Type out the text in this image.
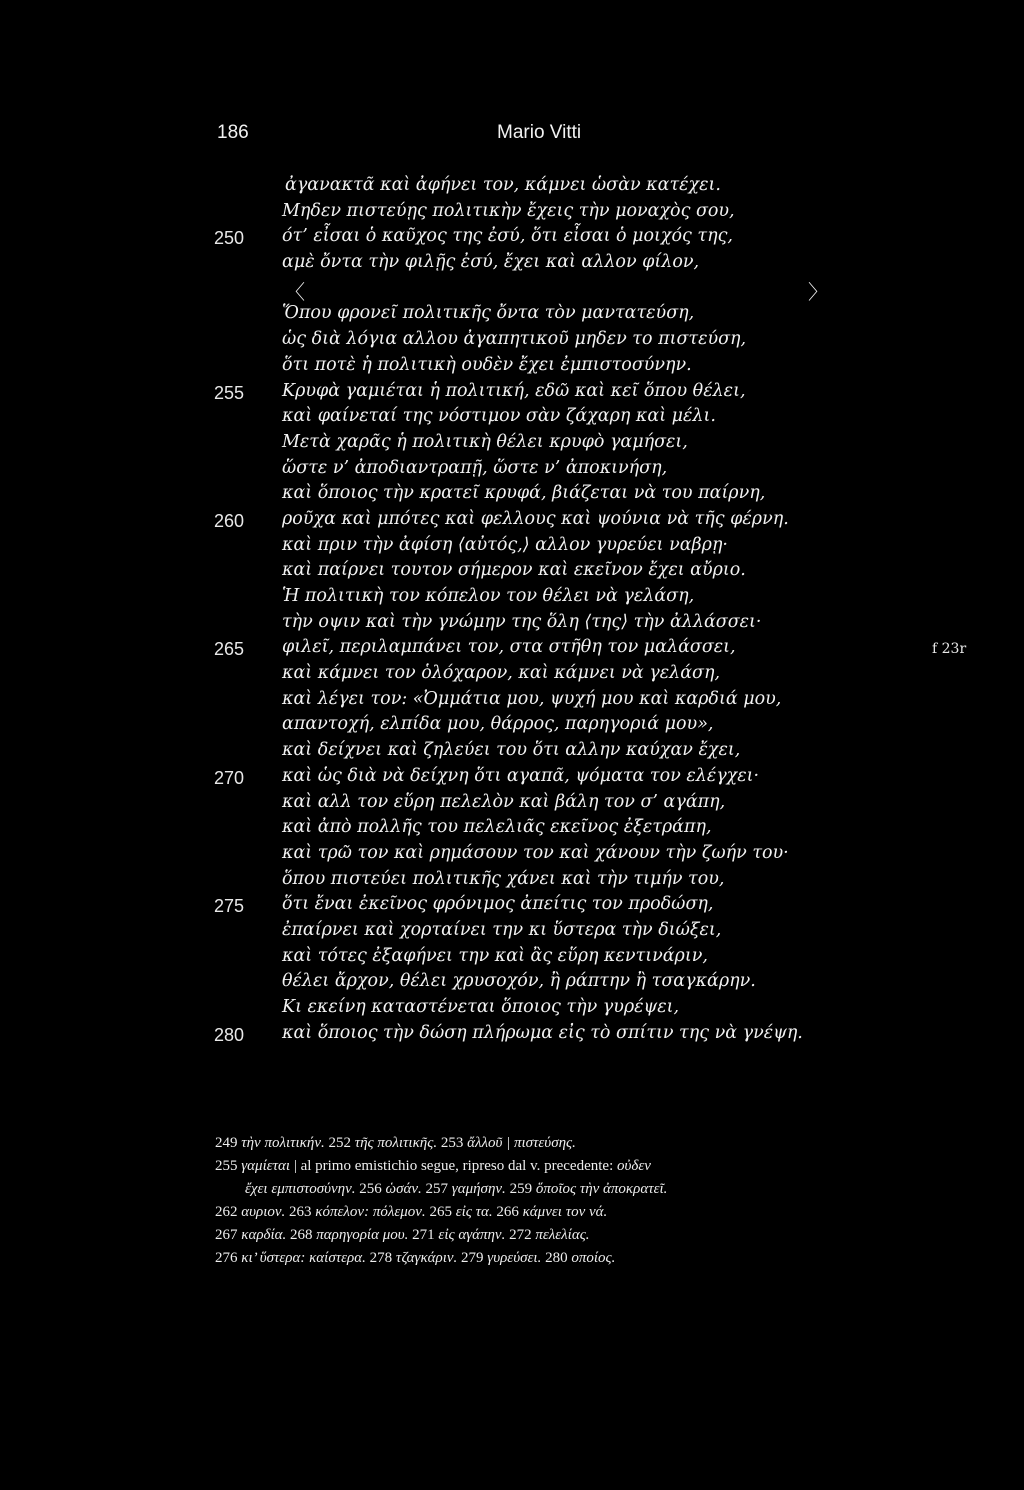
186	Mario Vitti
ἀγανακτᾶ καὶ ἀφήνει τον, κάμνει ὡσὰν κατέχει.
Μηδεν πιστεύῃς πολιτικὴν ἔχεις τὴν μοναχὸς σου,
250 ότ’ εἶσαι ὁ καῦχος της ἐσύ, ὅτι εἶσαι ὁ μοιχός της,
αμὲ ὄντα τὴν φιλῇς ἐσύ, ἔχει καὶ αλλον φίλον,
〈	〉
Ὅπου φρονεῖ πολιτικῆς ὄντα τὸν μαντατεύση,
ὡς διὰ λόγια αλλου ἀγαπητικοῦ μηδεν το πιστεύση,
ὅτι ποτὲ ἡ πολιτικὴ ουδὲν ἔχει ἐμπιστοσύνην.
255 Κρυφὰ γαμιέται ἡ πολιτική, εδῶ καὶ κεῖ ὅπου θέλει,
καὶ φαίνεταί της νόστιμον σὰν ζάχαρη καὶ μέλι.
Μετὰ χαρᾶς ἡ πολιτικὴ θέλει κρυφὸ γαμήσει,
ὥστε ν’ ἀποδιαντραπῇ, ὥστε ν’ ἀποκινήση,
καὶ ὅποιος τὴν κρατεῖ κρυφά, βιάζεται νὰ του παίρνη,
260 ροῦχα καὶ μπότες καὶ φελλους καὶ ψούνια νὰ τῆς φέρνη.
καὶ πριν τὴν ἀφίση ⟨αὐτός,⟩ αλλον γυρεύει ναβρῃ·
καὶ παίρνει τουτον σήμερον καὶ εκεῖνον ἔχει αὔριο.
Ἡ πολιτικὴ τον κόπελον τον θέλει νὰ γελάση,
τὴν οψιν καὶ τὴν γνώμην της ὅλη ⟨της⟩ τὴν ἀλλάσσει·
265 φιλεῖ, περιλαμπάνει τον, στα στῆθη τον μαλάσσει,	f 23r
καὶ κάμνει τον ὁλόχαρον, καὶ κάμνει νὰ γελάση,
καὶ λέγει τον: «Ὀμμάτια μου, ψυχή μου καὶ καρδιά μου,
απαντοχή, ελπίδα μου, θάρρος, παρηγοριά μου»,
καὶ δείχνει καὶ ζηλεύει του ὅτι αλλην καύχαν ἔχει,
270 καὶ ὡς διὰ νὰ δείχνη ὅτι αγαπᾶ, ψόματα τον ελέγχει·
καὶ αλλ τον εὕρη πελελὸν καὶ βάλη τον σ’ αγάπη,
καὶ ἀπὸ πολλῆς του πελελιᾶς εκεῖνος ἐξετράπη,
καὶ τρῶ τον καὶ ρημάσουν τον καὶ χάνουν τὴν ζωήν του·
ὅπου πιστεύει πολιτικῆς χάνει καὶ τὴν τιμήν του,
275 ὅτι ἔναι ἐκεῖνος φρόνιμος ἀπείτις τον προδώση,
ἐπαίρνει καὶ χορταίνει την κι ὕστερα τὴν διώξει,
καὶ τότες ἐξαφήνει την καὶ ἂς εὕρη κεντινάριν,
θέλει ἄρχον, θέλει χρυσοχόν, ἢ ράπτην ἢ τσαγκάρην.
Κι εκείνη καταστένεται ὅποιος τὴν γυρέψει,
280 καὶ ὅποιος τὴν δώση πλήρωμα εἰς τὸ σπίτιν της νὰ γνέψη.
249 τὴν πολιτικήν. 252 τῆς πολιτικῆς. 253 ἄλλοῦ | πιστεύσης.
255 γαμίεται | al primo emistichio segue, ripreso dal v. precedente: οὐδεν
ἔχει εμπιστοσύνην. 256 ὡσάν. 257 γαμήσην. 259 ὅποῖος τὴν ἀποκρατεῖ.
262 αυριον. 263 κόπελον: πόλεμον. 265 εἰς τα. 266 κάμνει τον νά.
267 καρδία. 268 παρηγορία μου. 271 εἰς αγάπην. 272 πελελίας.
276 κι’ ὕστερα: καίστερα. 278 τζαγκάριν. 279 γυρεύσει. 280 οποίος.
